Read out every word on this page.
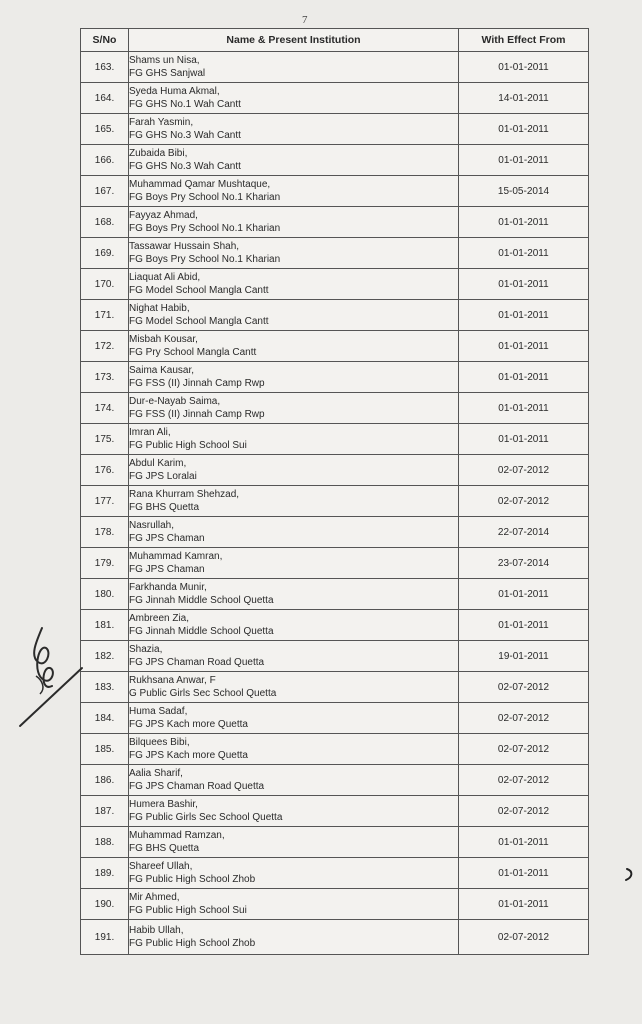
7
S/No	Name & Present Institution	With Effect From
163.	Shams un Nisa,
FG GHS Sanjwal	01-01-2011
164.	Syeda Huma Akmal,
FG GHS No.1 Wah Cantt	14-01-2011
165.	Farah Yasmin,
FG GHS No.3 Wah Cantt	01-01-2011
166.	Zubaida Bibi,
FG GHS No.3 Wah Cantt	01-01-2011
167.	Muhammad Qamar Mushtaque,
FG Boys Pry School No.1 Kharian	15-05-2014
168.	Fayyaz Ahmad,
FG Boys Pry School No.1 Kharian	01-01-2011
169.	Tassawar Hussain Shah,
FG Boys Pry School No.1 Kharian	01-01-2011
170.	Liaquat Ali Abid,
FG Model School Mangla Cantt	01-01-2011
171.	Nighat Habib,
FG Model School Mangla Cantt	01-01-2011
172.	Misbah Kousar,
FG Pry School Mangla Cantt	01-01-2011
173.	Saima Kausar,
FG FSS (II) Jinnah Camp Rwp	01-01-2011
174.	Dur-e-Nayab Saima,
FG FSS (II) Jinnah Camp Rwp	01-01-2011
175.	Imran Ali,
FG Public High School Sui	01-01-2011
176.	Abdul Karim,
FG JPS Loralai	02-07-2012
177.	Rana Khurram Shehzad,
FG BHS Quetta	02-07-2012
178.	Nasrullah,
FG JPS Chaman	22-07-2014
179.	Muhammad Kamran,
FG JPS Chaman	23-07-2014
180.	Farkhanda Munir,
FG Jinnah Middle School Quetta	01-01-2011
181.	Ambreen Zia,
FG Jinnah Middle School Quetta	01-01-2011
182.	Shazia,
FG JPS Chaman Road Quetta	19-01-2011
183.	Rukhsana Anwar, F
G Public Girls Sec School Quetta	02-07-2012
184.	Huma Sadaf,
FG JPS Kach more Quetta	02-07-2012
185.	Bilquees Bibi,
FG JPS Kach more Quetta	02-07-2012
186.	Aalia Sharif,
FG JPS Chaman Road Quetta	02-07-2012
187.	Humera Bashir,
FG Public Girls Sec School Quetta	02-07-2012
188.	Muhammad Ramzan,
FG BHS Quetta	01-01-2011
189.	Shareef Ullah,
FG Public High School Zhob	01-01-2011
190.	Mir Ahmed,
FG Public High School Sui	01-01-2011
191.	Habib Ullah,
FG Public High School Zhob	02-07-2012
